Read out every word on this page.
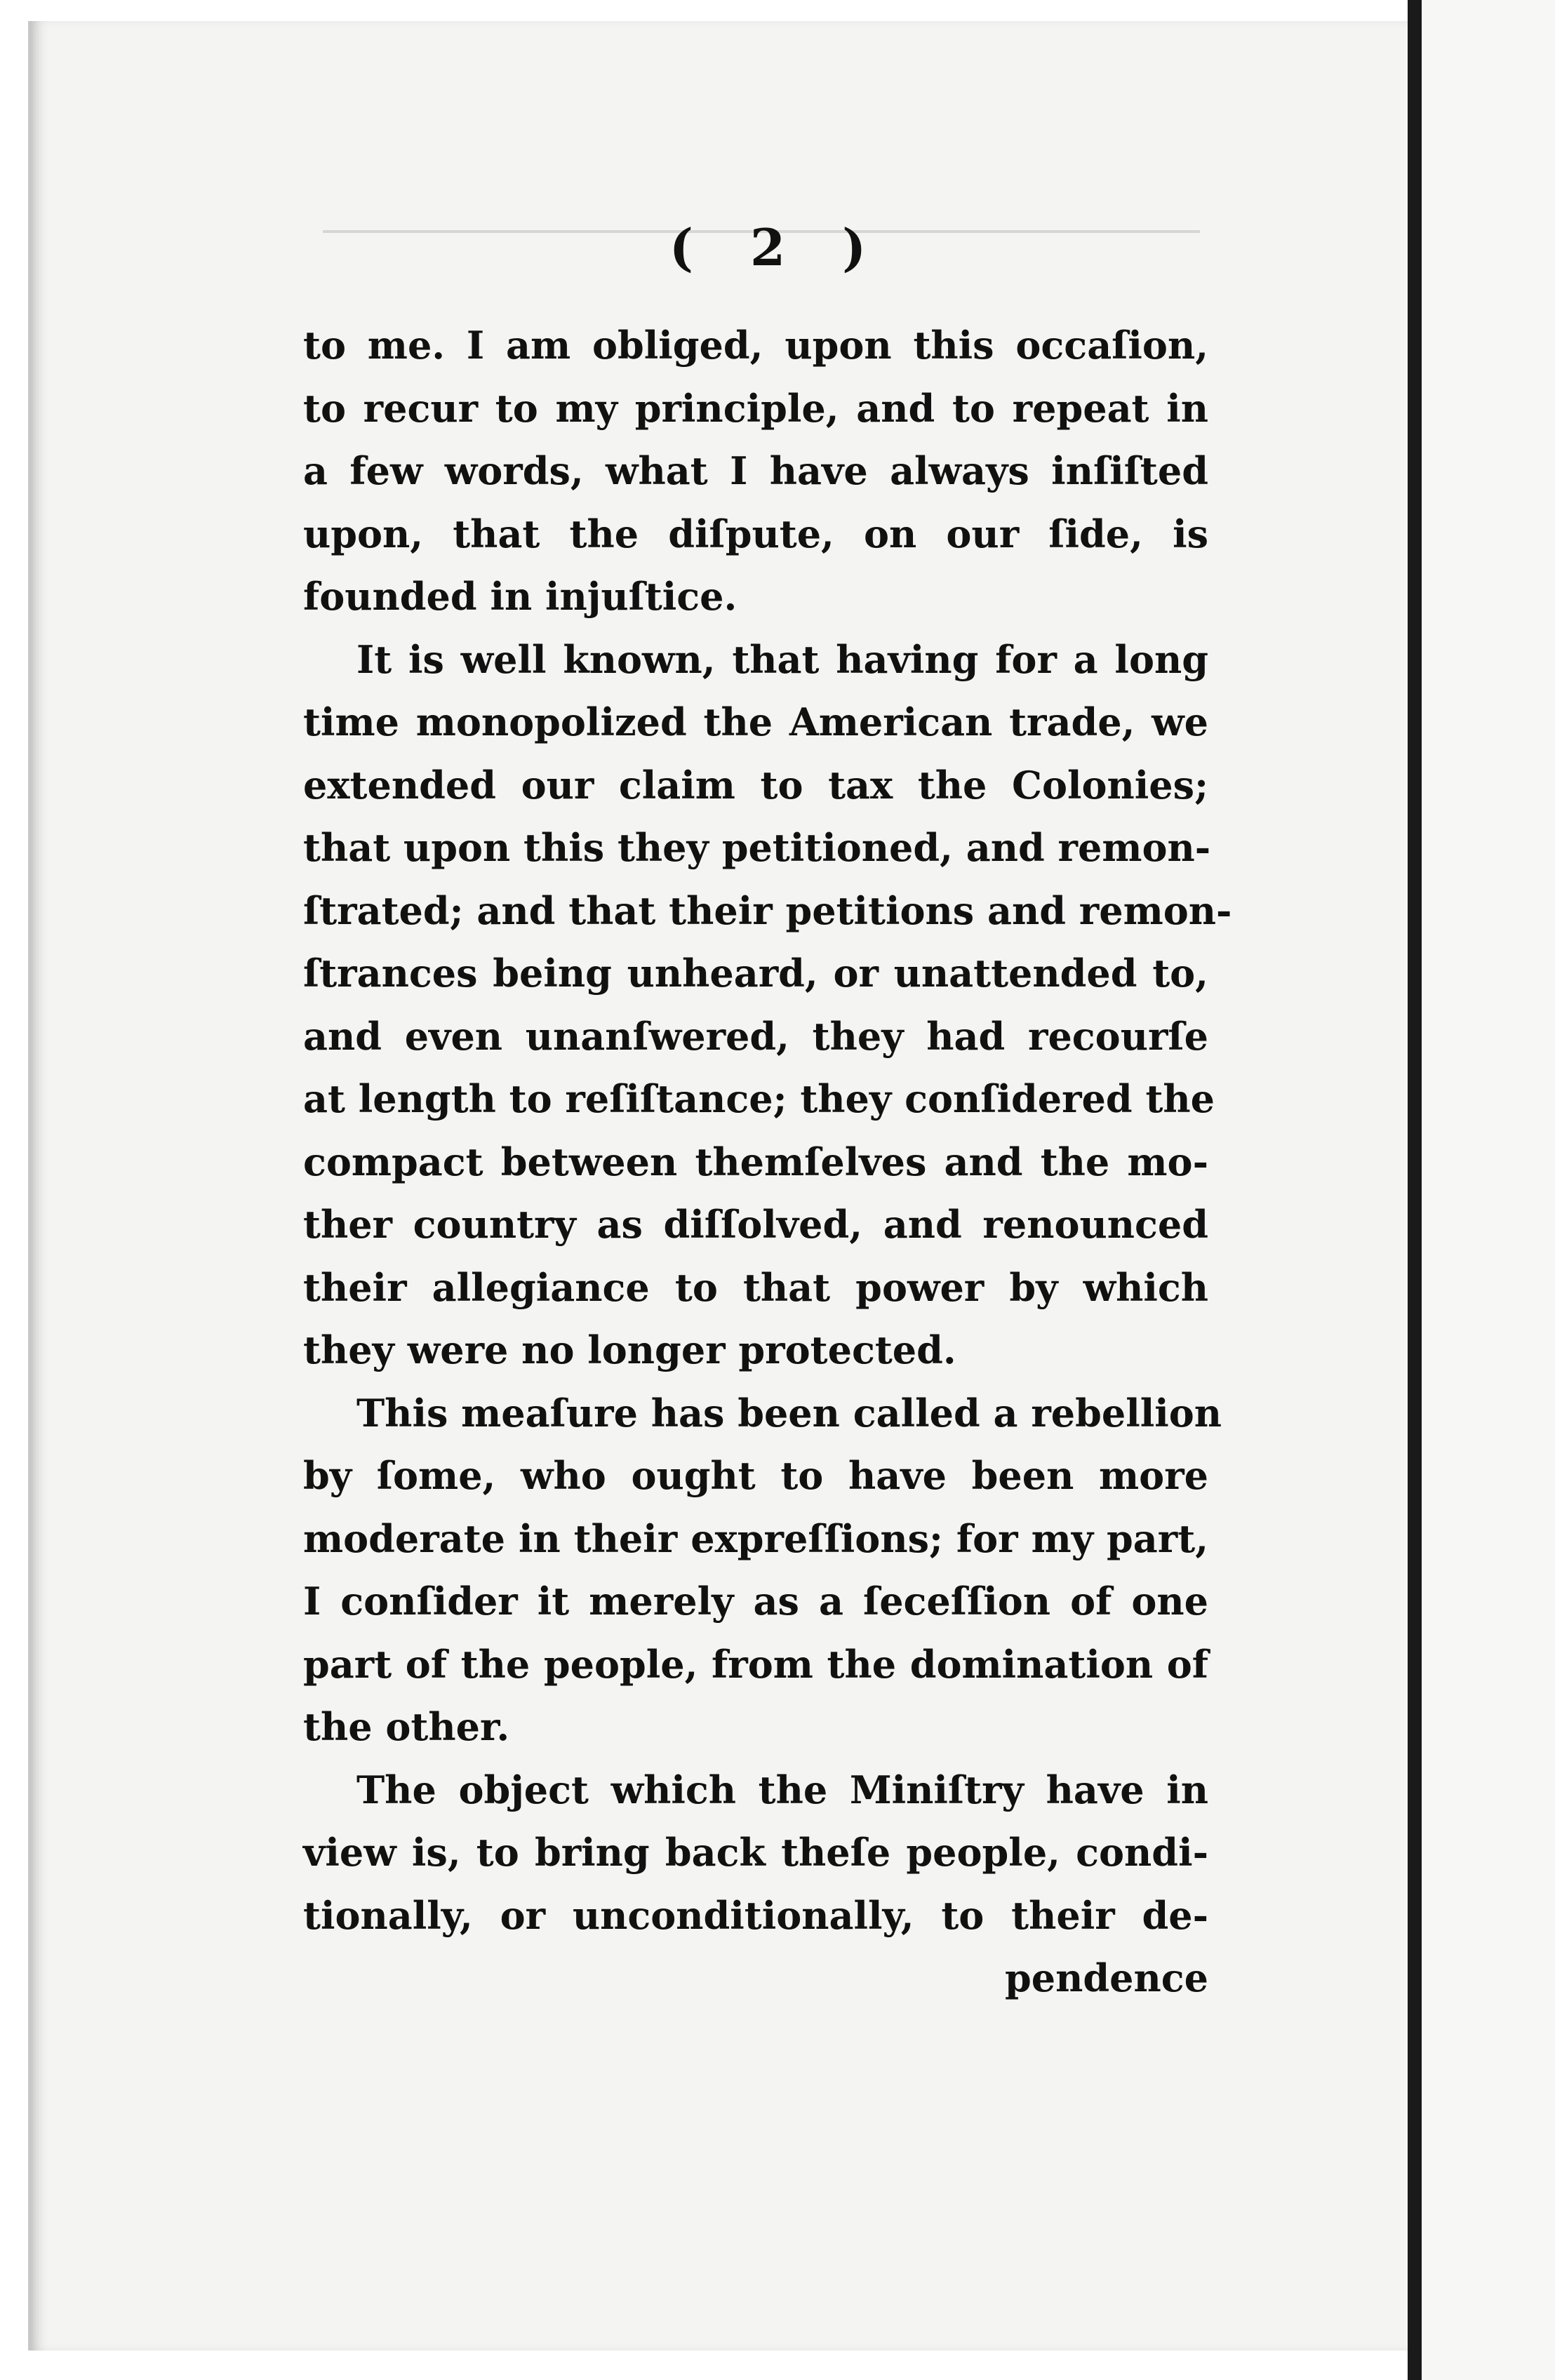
( 2 )

to me. I am obliged, upon this occaſion,
to recur to my principle, and to repeat in
a few words, what I have always inſiſted
upon, that the diſpute, on our ſide, is
founded in injuſtice.

It is well known, that having for a long
time monopolized the American trade, we
extended our claim to tax the Colonies;
that upon this they petitioned, and remon-
ſtrated; and that their petitions and remon-
ſtrances being unheard, or unattended to,
and even unanſwered, they had recourſe
at length to reſiſtance; they conſidered the
compact between themſelves and the mo-
ther country as diſſolved, and renounced
their allegiance to that power by which
they were no longer protected.

This meaſure has been called a rebellion
by ſome, who ought to have been more
moderate in their expreſſions; for my part,
I conſider it merely as a ſeceſſion of one
part of the people, from the domination of
the other.

The object which the Miniſtry have in
view is, to bring back theſe people, condi-
tionally, or unconditionally, to their de-
pendence
